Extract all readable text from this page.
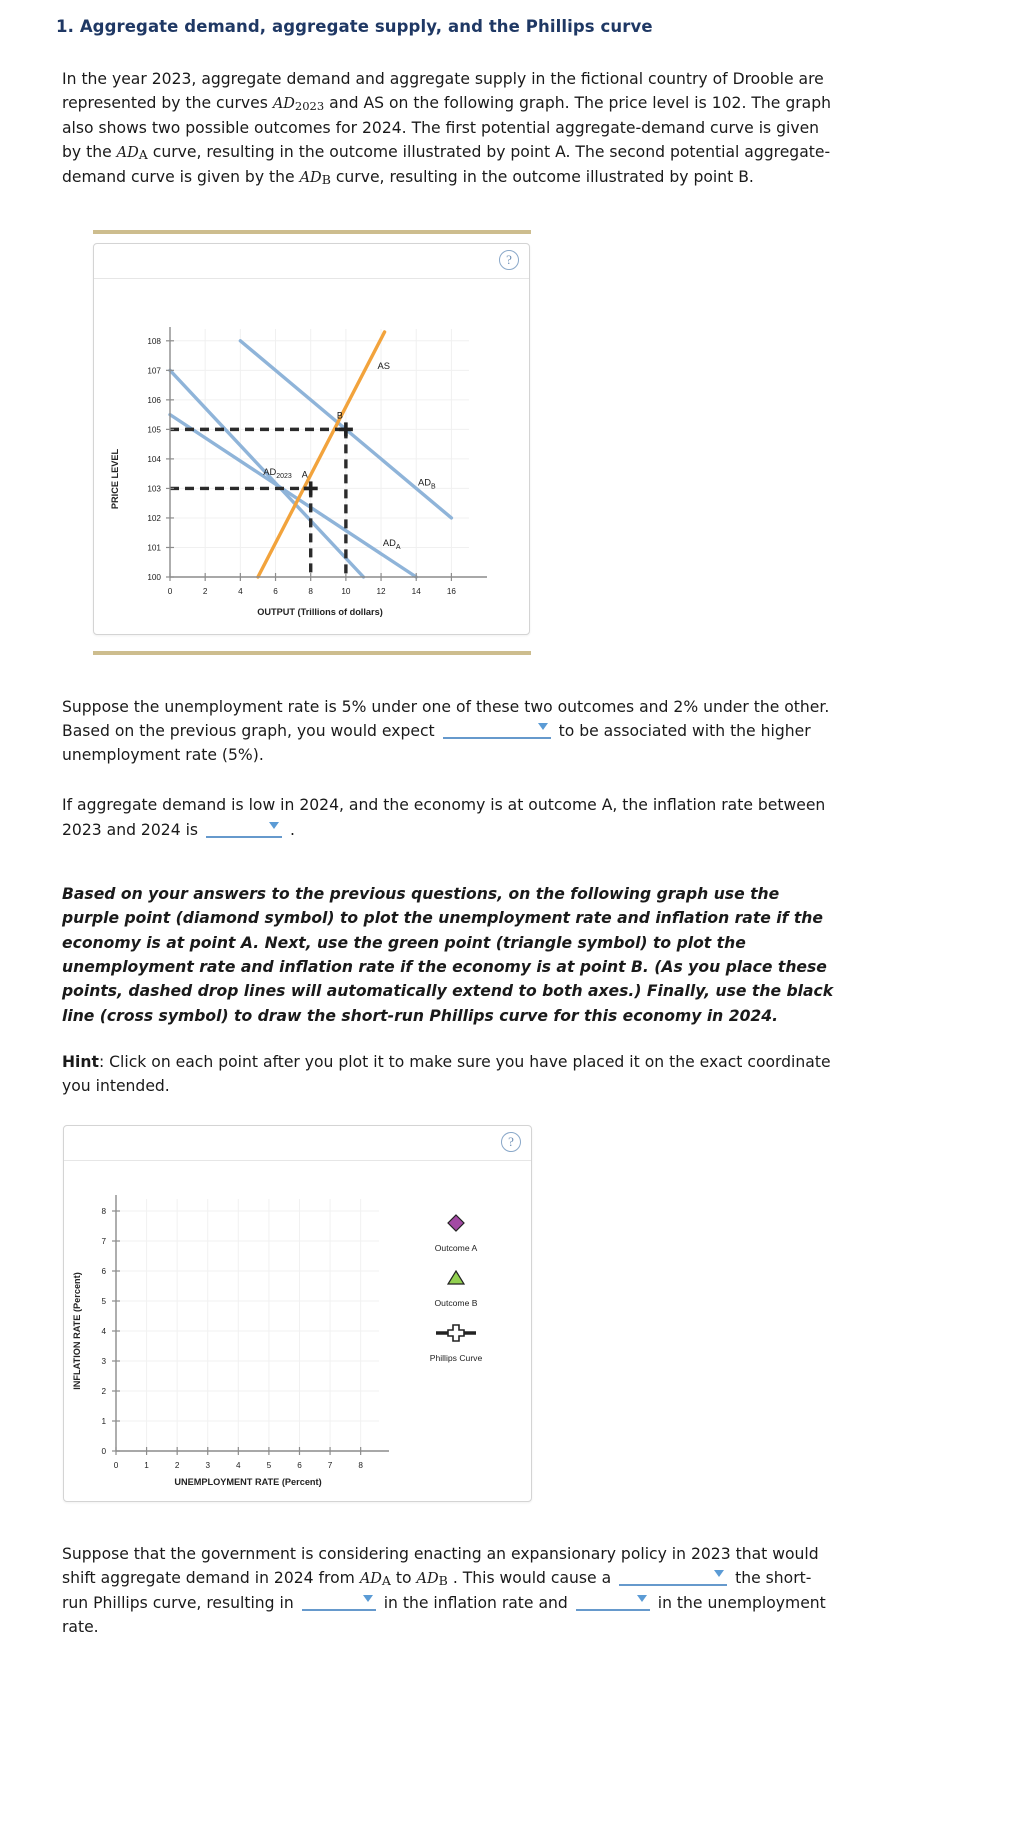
1. Aggregate demand, aggregate supply, and the Phillips curve

In the year 2023, aggregate demand and aggregate supply in the fictional country of Drooble are represented by the curves AD2023 and AS on the following graph. The price level is 102. The graph also shows two possible outcomes for 2024. The first potential aggregate-demand curve is given by the ADA curve, resulting in the outcome illustrated by point A. The second potential aggregate-demand curve is given by the ADB curve, resulting in the outcome illustrated by point B.

?
100
101
102
103
104
105
106
107
108
0	2	4	6	8	10	12	14	16
A
B
$AD_{2023}$
$AD_A$
$AD_B$
AS
PRICE LEVEL
OUTPUT (Trillions of dollars)

Suppose the unemployment rate is 5% under one of these two outcomes and 2% under the other. Based on the previous graph, you would expect	to be associated with the higher unemployment rate (5%).

If aggregate demand is low in 2024, and the economy is at outcome A, the inflation rate between 2023 and 2024 is	.

Based on your answers to the previous questions, on the following graph use the purple point (diamond symbol) to plot the unemployment rate and inflation rate if the economy is at point A. Next, use the green point (triangle symbol) to plot the unemployment rate and inflation rate if the economy is at point B. (As you place these points, dashed drop lines will automatically extend to both axes.) Finally, use the black line (cross symbol) to draw the short-run Phillips curve for this economy in 2024.

Hint: Click on each point after you plot it to make sure you have placed it on the exact coordinate you intended.

?
0
1
2
3
4
5
6
7
8
0	1	2	3	4	5	6	7	8
Outcome A
Outcome B
Phillips Curve
INFLATION RATE (Percent)
UNEMPLOYMENT RATE (Percent)

Suppose that the government is considering enacting an expansionary policy in 2023 that would shift aggregate demand in 2024 from ADA to ADB . This would cause a	the short-run Phillips curve, resulting in	in the inflation rate and	in the unemployment rate.
